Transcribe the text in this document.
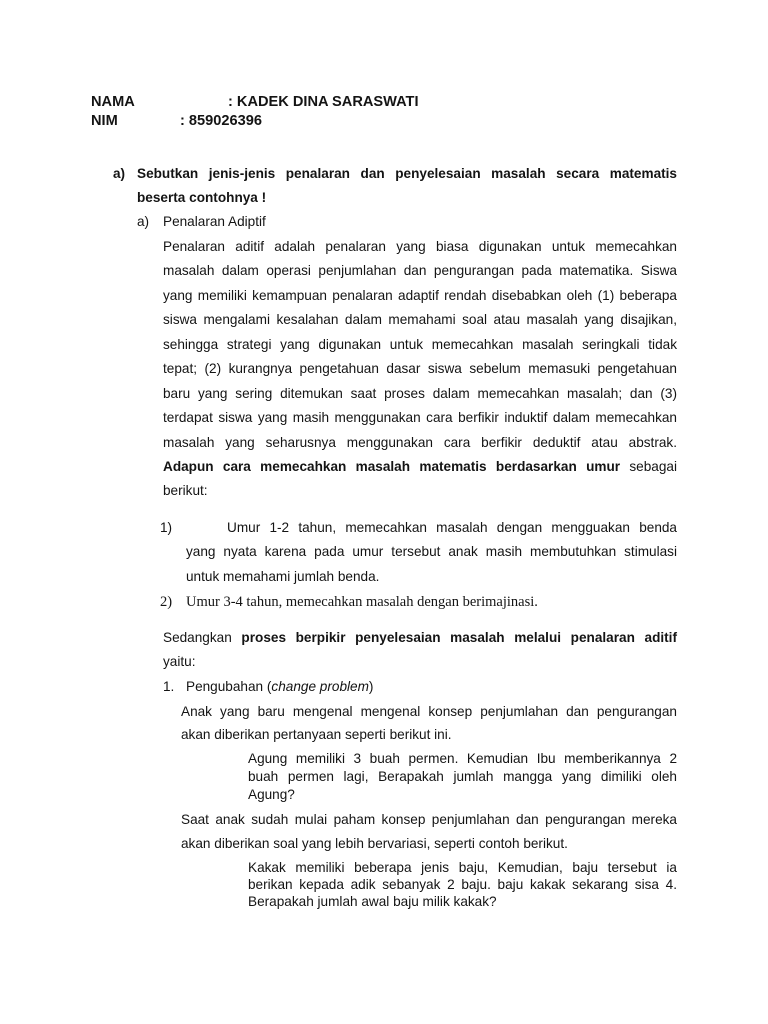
NAMA	: KADEK DINA SARASWATI
NIM	: 859026396
a) Sebutkan jenis-jenis penalaran dan penyelesaian masalah secara matematis
beserta contohnya !
a) Penalaran Adiptif
Penalaran aditif adalah penalaran yang biasa digunakan untuk memecahkan
masalah dalam operasi penjumlahan dan pengurangan pada matematika. Siswa
yang memiliki kemampuan penalaran adaptif rendah disebabkan oleh (1) beberapa
siswa mengalami kesalahan dalam memahami soal atau masalah yang disajikan,
sehingga strategi yang digunakan untuk memecahkan masalah seringkali tidak
tepat; (2) kurangnya pengetahuan dasar siswa sebelum memasuki pengetahuan
baru yang sering ditemukan saat proses dalam memecahkan masalah; dan (3)
terdapat siswa yang masih menggunakan cara berfikir induktif dalam memecahkan
masalah yang seharusnya menggunakan cara berfikir deduktif atau abstrak.
Adapun cara memecahkan masalah matematis berdasarkan umur sebagai
berikut:
1)	Umur 1-2 tahun, memecahkan masalah dengan mengguakan benda
yang nyata karena pada umur tersebut anak masih membutuhkan stimulasi
untuk memahami jumlah benda.
2) Umur 3-4 tahun, memecahkan masalah dengan berimajinasi.
Sedangkan proses berpikir penyelesaian masalah melalui penalaran aditif
yaitu:
1. Pengubahan (change problem)
Anak yang baru mengenal mengenal konsep penjumlahan dan pengurangan
akan diberikan pertanyaan seperti berikut ini.
Agung memiliki 3 buah permen. Kemudian Ibu memberikannya 2
buah permen lagi, Berapakah jumlah mangga yang dimiliki oleh
Agung?
Saat anak sudah mulai paham konsep penjumlahan dan pengurangan mereka
akan diberikan soal yang lebih bervariasi, seperti contoh berikut.
Kakak memiliki beberapa jenis baju, Kemudian, baju tersebut ia
berikan kepada adik sebanyak 2 baju. baju kakak sekarang sisa 4.
Berapakah jumlah awal baju milik kakak?
